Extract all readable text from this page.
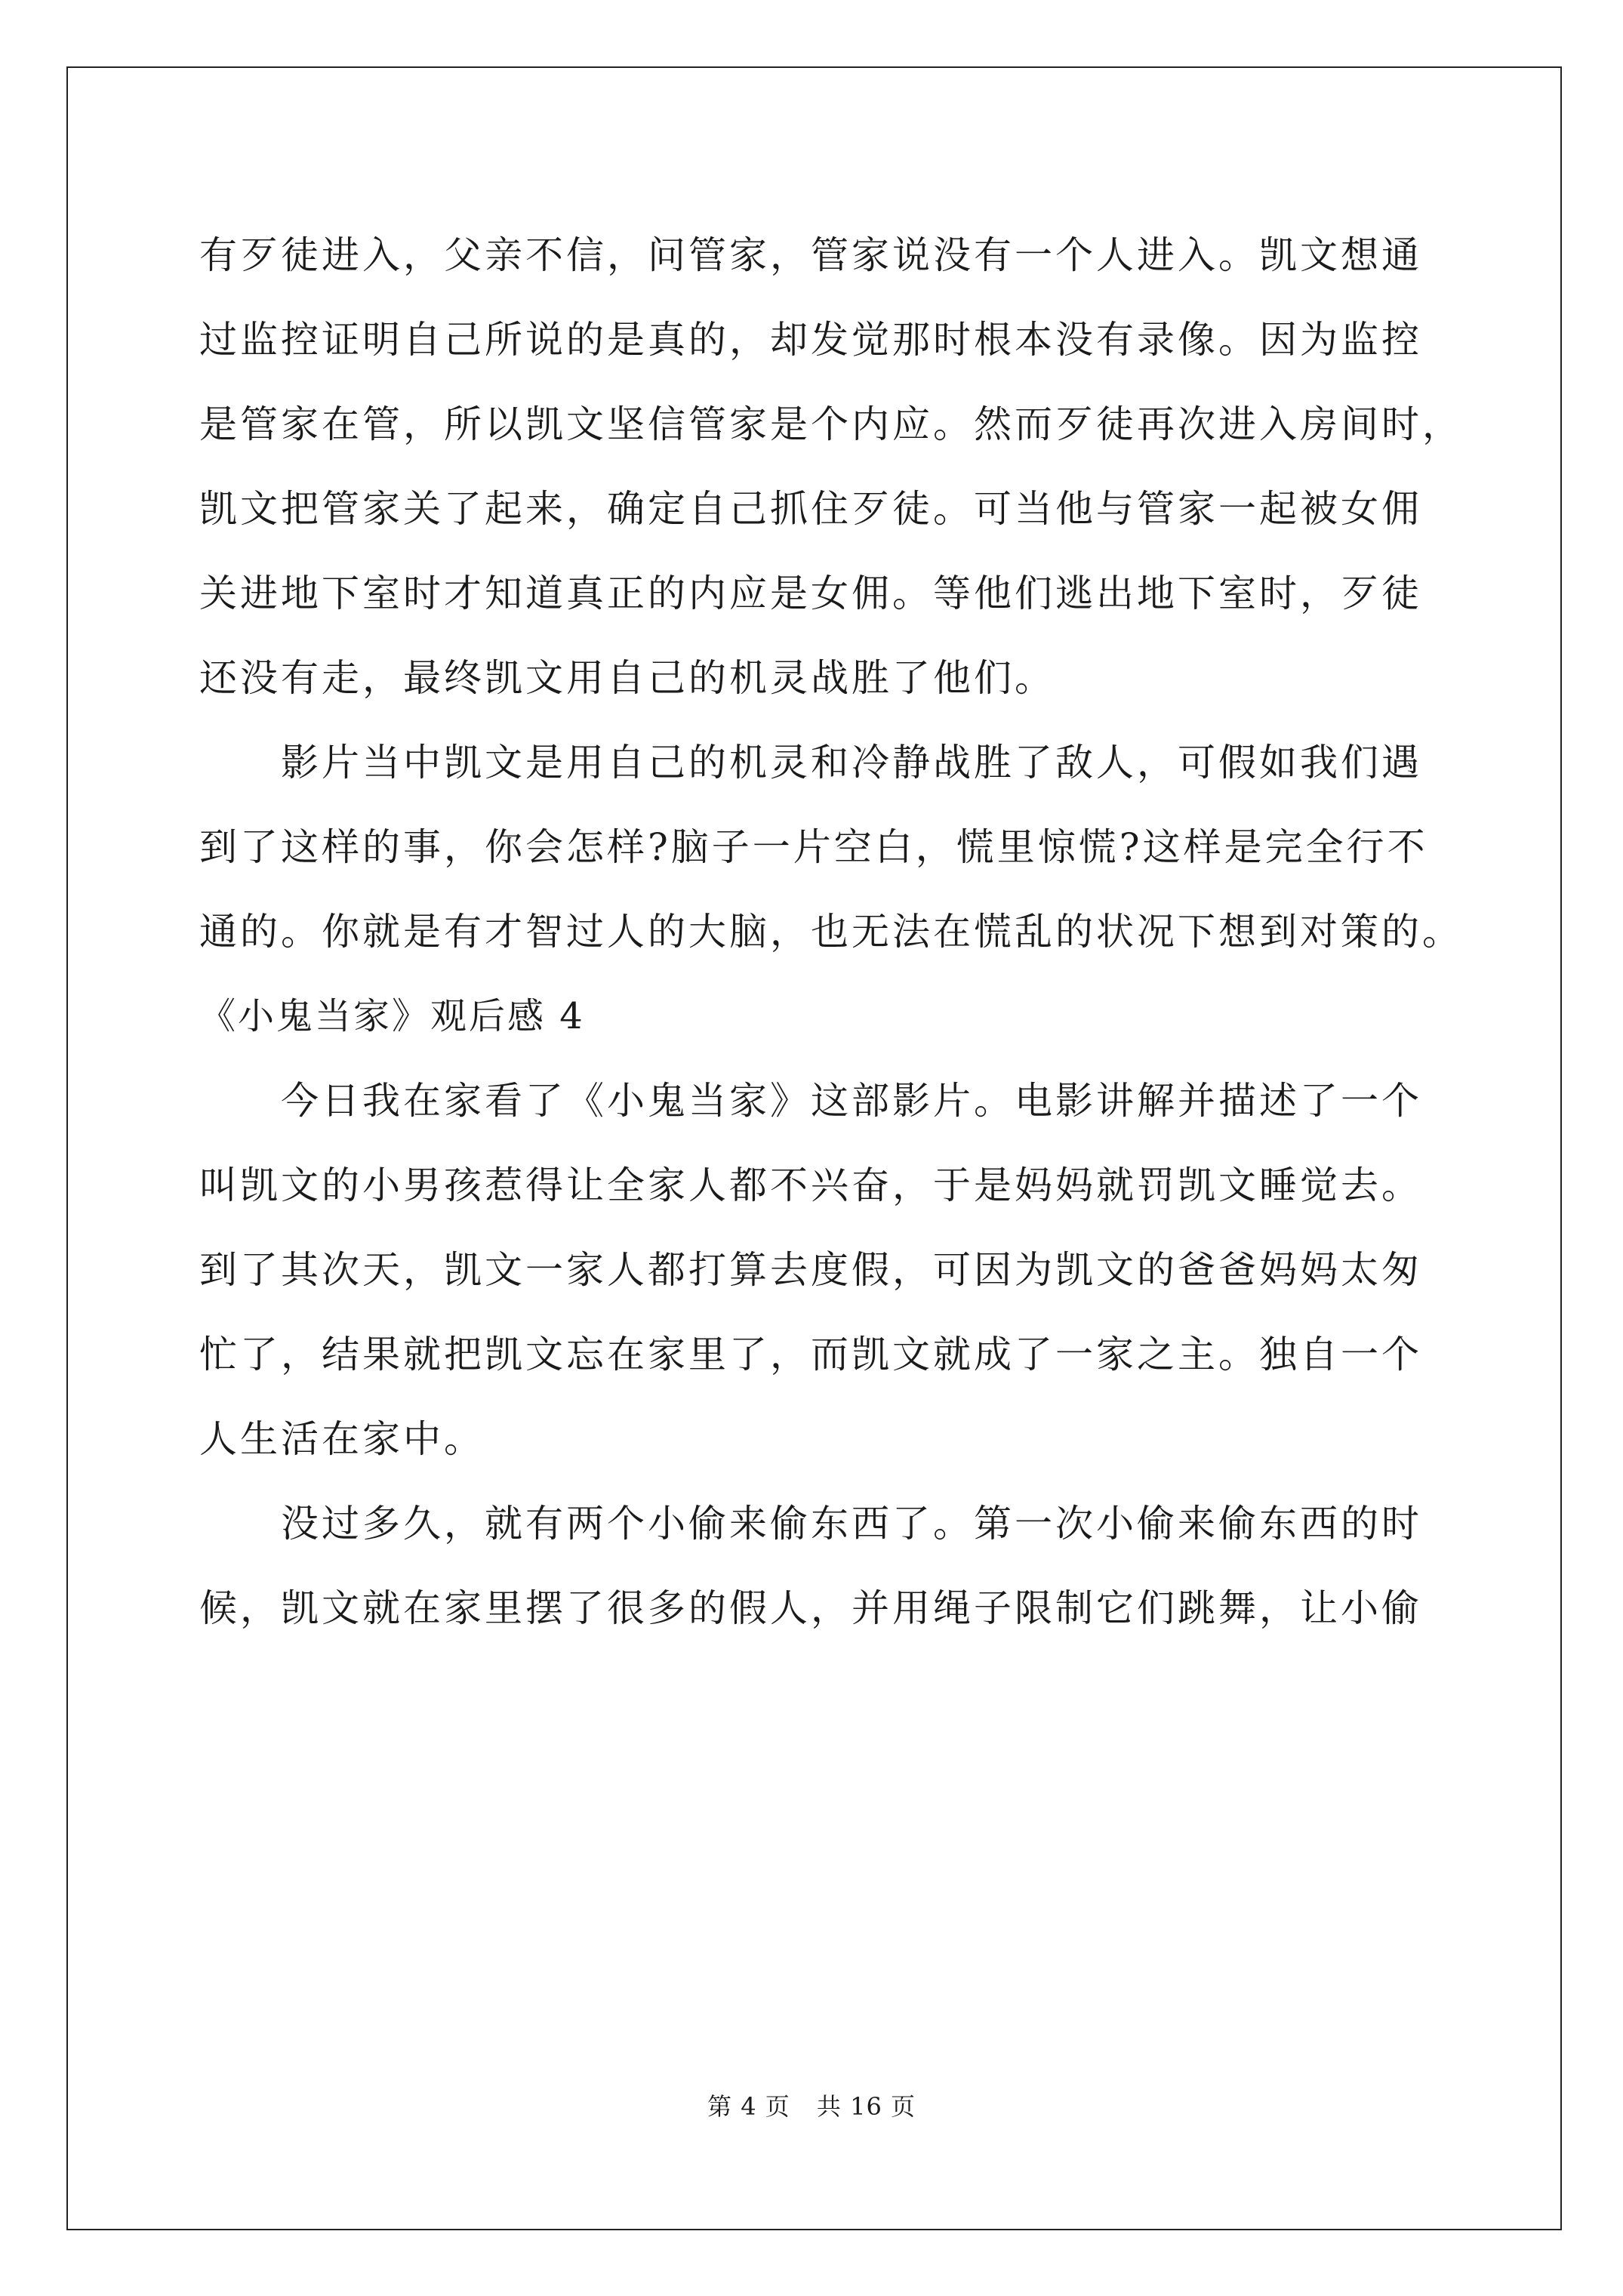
有歹徒进入，父亲不信，问管家，管家说没有一个人进入。凯文想通
过监控证明自己所说的是真的，却发觉那时根本没有录像。因为监控
是管家在管，所以凯文坚信管家是个内应。然而歹徒再次进入房间时，
凯文把管家关了起来，确定自己抓住歹徒。可当他与管家一起被女佣
关进地下室时才知道真正的内应是女佣。等他们逃出地下室时，歹徒
还没有走，最终凯文用自己的机灵战胜了他们。
影片当中凯文是用自己的机灵和冷静战胜了敌人，可假如我们遇
到了这样的事，你会怎样?脑子一片空白，慌里惊慌?这样是完全行不
通的。你就是有才智过人的大脑，也无法在慌乱的状况下想到对策的。
《小鬼当家》观后感 4
今日我在家看了《小鬼当家》这部影片。电影讲解并描述了一个
叫凯文的小男孩惹得让全家人都不兴奋，于是妈妈就罚凯文睡觉去。
到了其次天，凯文一家人都打算去度假，可因为凯文的爸爸妈妈太匆
忙了，结果就把凯文忘在家里了，而凯文就成了一家之主。独自一个
人生活在家中。
没过多久，就有两个小偷来偷东西了。第一次小偷来偷东西的时
候，凯文就在家里摆了很多的假人，并用绳子限制它们跳舞，让小偷
第 4 页 共 16 页
